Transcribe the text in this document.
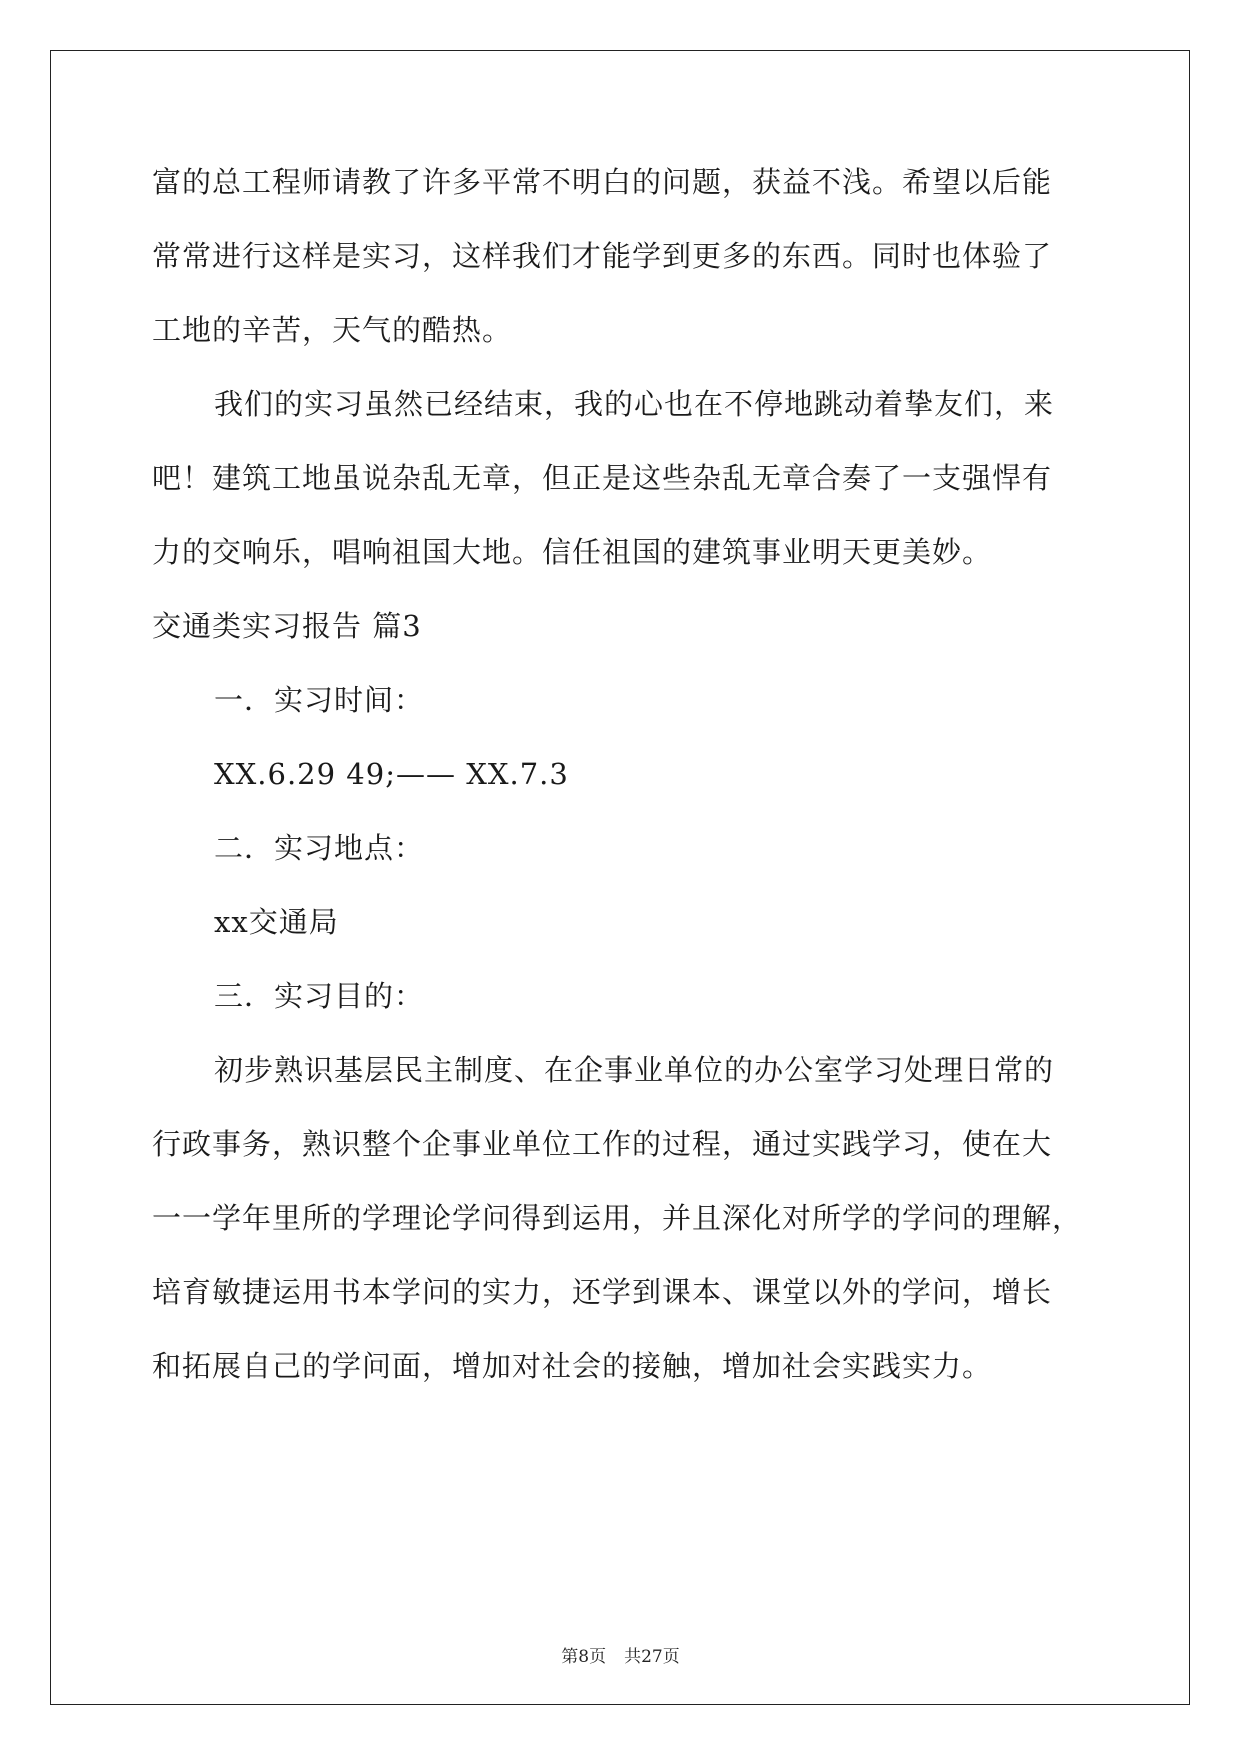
富的总工程师请教了许多平常不明白的问题，获益不浅。希望以后能
常常进行这样是实习，这样我们才能学到更多的东西。同时也体验了
工地的辛苦，天气的酷热。
我们的实习虽然已经结束，我的心也在不停地跳动着挚友们，来
吧！建筑工地虽说杂乱无章，但正是这些杂乱无章合奏了一支强悍有
力的交响乐，唱响祖国大地。信任祖国的建筑事业明天更美妙。
交通类实习报告 篇3
一．实习时间：
XX.6.29 49;—— XX.7.3
二．实习地点：
xx交通局
三．实习目的：
初步熟识基层民主制度、在企事业单位的办公室学习处理日常的
行政事务，熟识整个企事业单位工作的过程，通过实践学习，使在大
一一学年里所的学理论学问得到运用，并且深化对所学的学问的理解，
培育敏捷运用书本学问的实力，还学到课本、课堂以外的学问，增长
和拓展自己的学问面，增加对社会的接触，增加社会实践实力。
第8页 共27页
